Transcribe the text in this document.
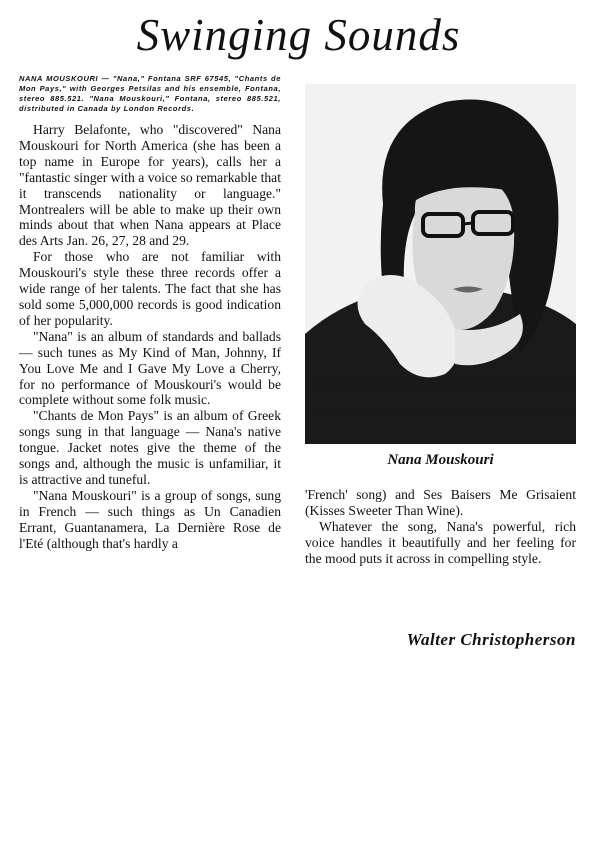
Swinging Sounds

NANA MOUSKOURI — "Nana," Fontana SRF 67545, "Chants de Mon Pays," with Georges Petsilas and his ensemble, Fontana, stereo 885.521. "Nana Mouskouri," Fontana, stereo 885.521, distributed in Canada by London Records.

Harry Belafonte, who "discovered" Nana Mouskouri for North America (she has been a top name in Europe for years), calls her a "fantastic singer with a voice so remarkable that it transcends nationality or language." Montrealers will be able to make up their own minds about that when Nana appears at Place des Arts Jan. 26, 27, 28 and 29.

For those who are not familiar with Mouskouri's style these three records offer a wide range of her talents. The fact that she has sold some 5,000,000 records is good indication of her popularity.

"Nana" is an album of standards and ballads — such tunes as My Kind of Man, Johnny, If You Love Me and I Gave My Love a Cherry, for no performance of Mouskouri's would be complete without some folk music.

"Chants de Mon Pays" is an album of Greek songs sung in that language — Nana's native tongue. Jacket notes give the theme of the songs and, although the music is unfamiliar, it is attractive and tuneful.

"Nana Mouskouri" is a group of songs, sung in French — such things as Un Canadien Errant, Guantanamera, La Dernière Rose de l'Eté (although that's hardly a

Nana Mouskouri

'French' song) and Ses Baisers Me Grisaient (Kisses Sweeter Than Wine).

Whatever the song, Nana's powerful, rich voice handles it beautifully and her feeling for the mood puts it across in compelling style.

Walter Christopherson
